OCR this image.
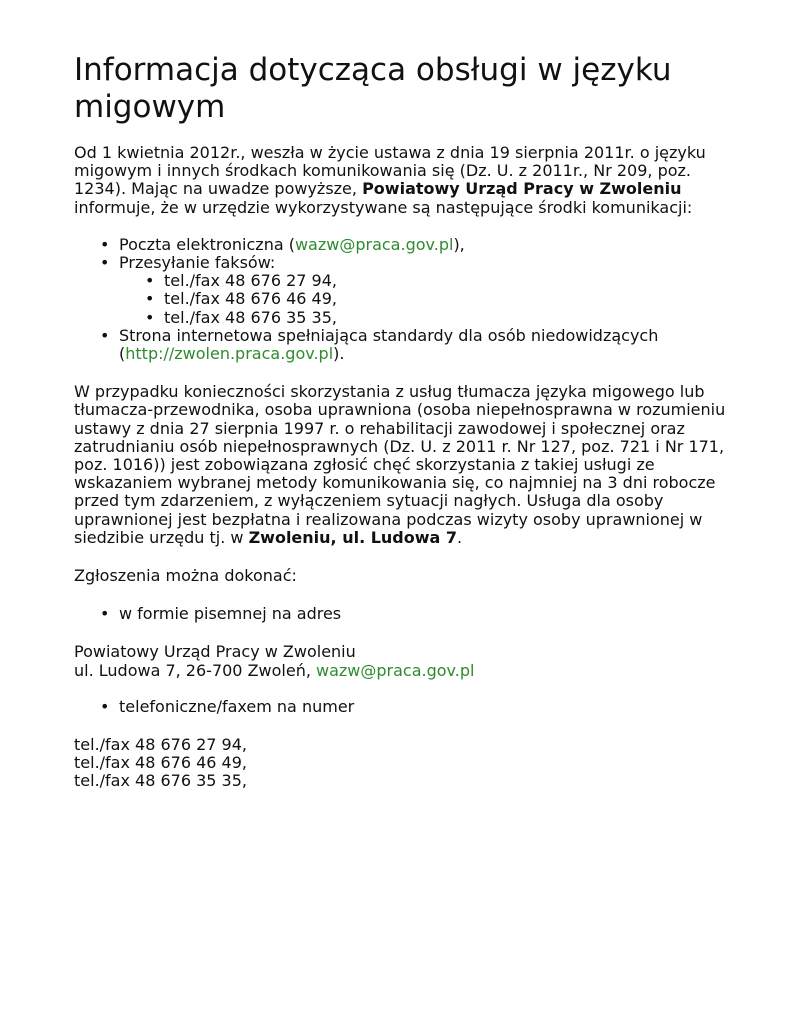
Informacja dotycząca obsługi w języku migowym

Od 1 kwietnia 2012r., weszła w życie ustawa z dnia 19 sierpnia 2011r. o języku migowym i innych środkach komunikowania się (Dz. U. z 2011r., Nr 209, poz. 1234). Mając na uwadze powyższe, Powiatowy Urząd Pracy w Zwoleniu informuje, że w urzędzie wykorzystywane są następujące środki komunikacji:

• Poczta elektroniczna (wazw@praca.gov.pl),
• Przesyłanie faksów:
• tel./fax 48 676 27 94,
• tel./fax 48 676 46 49,
• tel./fax 48 676 35 35,
• Strona internetowa spełniająca standardy dla osób niedowidzących (http://zwolen.praca.gov.pl).

W przypadku konieczności skorzystania z usług tłumacza języka migowego lub tłumacza-przewodnika, osoba uprawniona (osoba niepełnosprawna w rozumieniu ustawy z dnia 27 sierpnia 1997 r. o rehabilitacji zawodowej i społecznej oraz zatrudnianiu osób niepełnosprawnych (Dz. U. z 2011 r. Nr 127, poz. 721 i Nr 171, poz. 1016)) jest zobowiązana zgłosić chęć skorzystania z takiej usługi ze wskazaniem wybranej metody komunikowania się, co najmniej na 3 dni robocze przed tym zdarzeniem, z wyłączeniem sytuacji nagłych. Usługa dla osoby uprawnionej jest bezpłatna i realizowana podczas wizyty osoby uprawnionej w siedzibie urzędu tj. w Zwoleniu, ul. Ludowa 7.

Zgłoszenia można dokonać:

• w formie pisemnej na adres

Powiatowy Urząd Pracy w Zwoleniu
ul. Ludowa 7, 26-700 Zwoleń, wazw@praca.gov.pl

• telefoniczne/faxem na numer

tel./fax 48 676 27 94,
tel./fax 48 676 46 49,
tel./fax 48 676 35 35,
